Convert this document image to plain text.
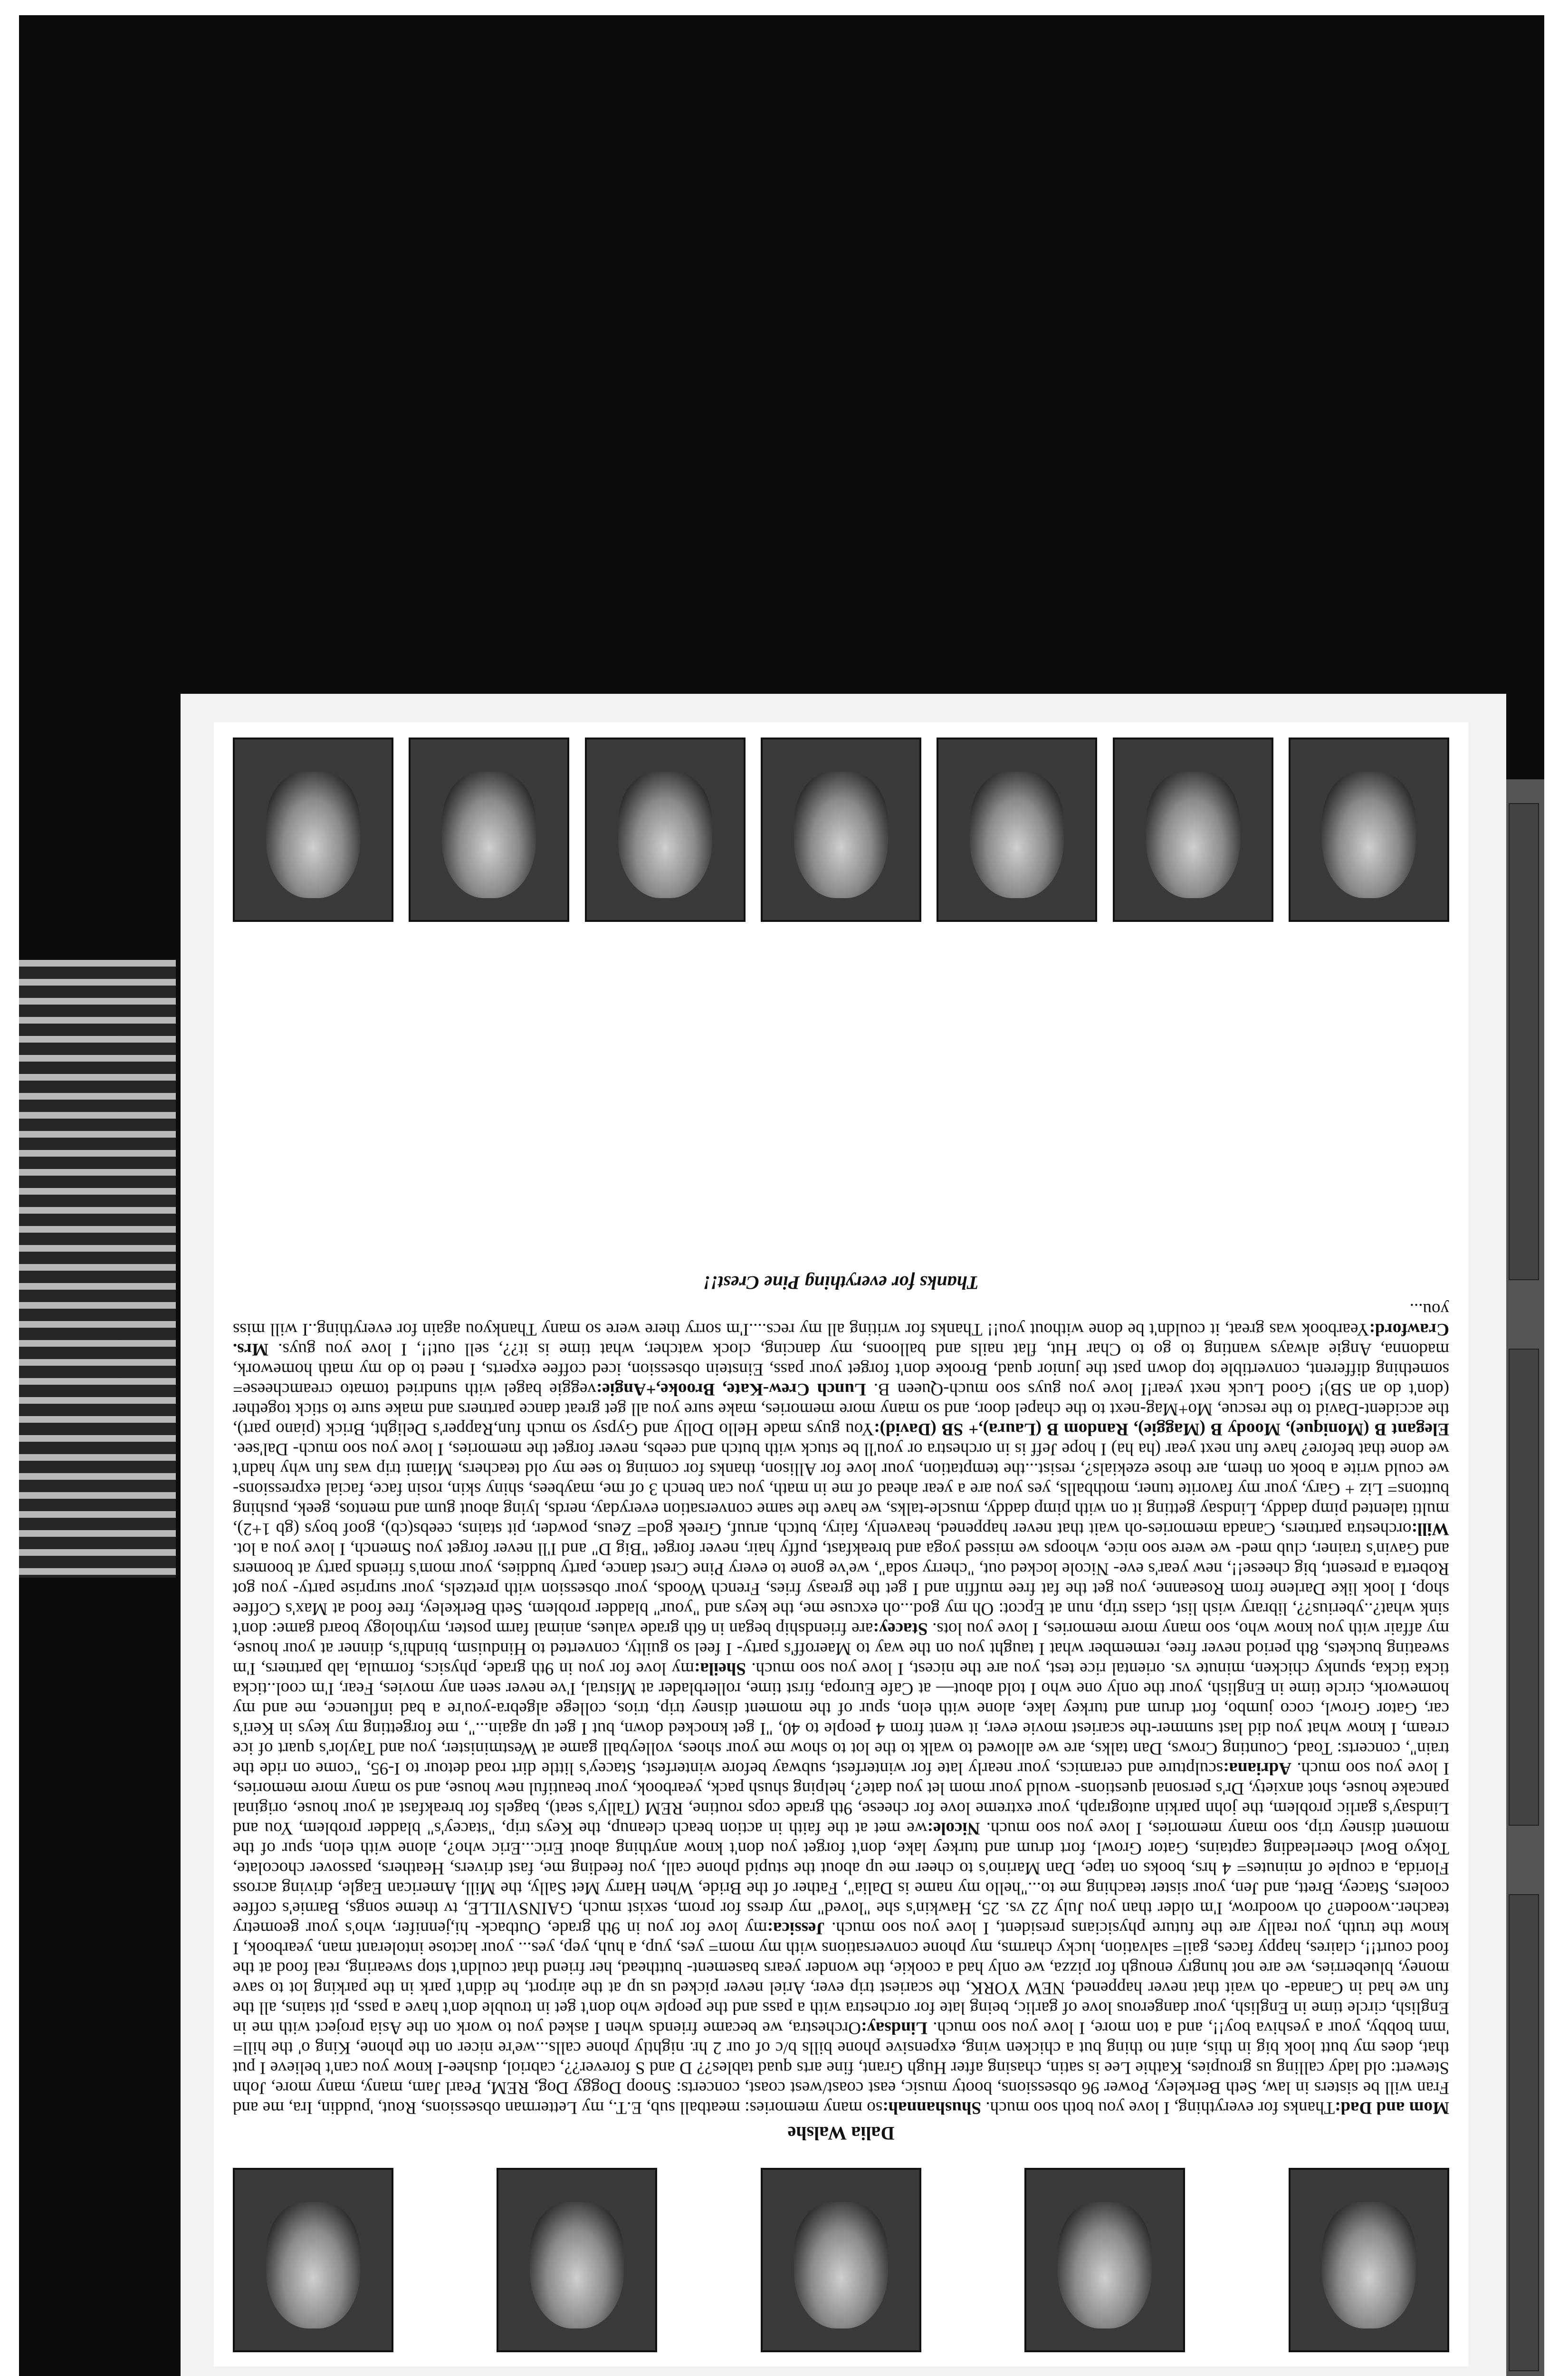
Dalia Walshe
Mom and Dad:Thanks for everything, I love you both soo much. Shushannah:so many memories: meatball sub, E.T., my Letterman obsessions, Rout, 'puddin, Ira, me and Fran will be sisters in law, Seth Berkeley, Power 96 obsessions, booty music, east coast/west coast, concerts: Snoop Doggy Dog, REM, Pearl Jam, many, many more, John Stewert: old lady calling us groupies, Kathie Lee is satin, chasing after Hugh Grant, fine arts quad tables?? D and S forever??, cabriol, dushee-I know you can't believe I put that, does my butt look big in this, aint no thing but a chicken wing, expensive phone bills b/c of our 2 hr. nightly phone calls...we're nicer on the phone, King o' the hill= 'mm bobby, your a yeshiva boy!!, and a ton more, I love you soo much. Lindsay:Orchestra, we became friends when I asked you to work on the Asia project with me in English, circle time in English, your dangerous love of garlic, being late for orchestra with a pass and the people who don't get in trouble don't have a pass, pit stains, all the fun we had in Canada- oh wait that never happened, NEW YORK, the scariest trip ever, Ariel never picked us up at the airport, he didn't park in the parking lot to save money, blueberries, we are not hungry enough for pizza, we only had a cookie, the wonder years basement- butthead, her friend that couldn't stop swearing, real food at the food court!!, claires, happy faces, gail= salvation, lucky charms, my phone conversations with my mom= yes, yup, a huh, yep, yes... your lactose intolerant man, yearbook, I know the truth, you really are the future physicians president, I love you soo much. Jessica:my love for you in 9th grade, Outback- hi,jennifer, who's your geometry teacher..wooden? oh woodrow, I'm older than you July 22 vs. 25, Hawkin's she "loved" my dress for prom, sexist much, GAINSVILLE, tv theme songs, Barnie's coffee coolers, Stacey, Brett, and Jen, your sister teaching me to..."hello my name is Dalia", Father of the Bride, When Harry Met Sally, the Mill, American Eagle, driving across Florida, a couple of minutes= 4 hrs, books on tape, Dan Marino's to cheer me up about the stupid phone call, you feeding me, fast drivers, Heathers, passover chocolate, Tokyo Bowl cheerleading captains, Gator Growl, fort drum and turkey lake, don't forget you don't know anything about Eric...Eric who?, alone with elon, spur of the moment disney trip, soo many memories, I love you soo much. Nicole:we met at the faith in action beach cleanup, the Keys trip, "stacey's" bladder problem, You and Lindsay's garlic problem, the john parkin autograph, your extreme love for cheese, 9th grade cops routine, REM (Tally's seat), bagels for breakfast at your house, original pancake house, shot anxiety, Dr's personal questions- would your mom let you date?, helping shush pack, yearbook, your beautiful new house, and so many more memories, I love you soo much. Adriana:sculpture and ceramics, your nearly late for winterfest, subway before winterfest, Stacey's little dirt road detour to I-95, "come on ride the train", concerts: Toad, Counting Crows, Dan talks, are we allowed to walk to the lot to show me your shoes, volleyball game at Westminister, you and Taylor's quart of ice cream, I know what you did last summer-the scariest movie ever, it went from 4 people to 40, "I get knocked down, but I get up again...", me forgetting my keys in Keri's car, Gator Growl, coco jumbo, fort drum and turkey lake, alone with elon, spur of the moment disney trip, trios, college algebra-you're a bad influence, me and my homework, circle time in English, your the only one who I told about— at Cafe Europa, first time, rollerblader at Mistral, I've never seen any movies, Fear, I'm cool..ticka ticka ticka, spunky chicken, minute vs. oriental rice test, you are the nicest, I love you soo much. Sheila:my love for you in 9th grade, physics, formula, lab partners, I'm sweating buckets, 8th period never free, remember what I taught you on the way to Maeroff's party- I feel so guilty, converted to Hinduism, bindhi's, dinner at your house, my affair with you know who, soo many more memories, I love you lots. Stacey:are friendship began in 6th grade values, animal farm poster, mythology board game: don't sink what?..yberius??, library wish list, class trip, nun at Epcot: Oh my god...oh excuse me, the keys and "your" bladder problem, Seth Berkeley, free food at Max's Coffee shop, I look like Darlene from Roseanne, you get the fat free muffin and I get the greasy fries, French Woods, your obsession with pretzels, your surprise party- you got Roberta a present, big cheese!!, new year's eve- Nicole locked out, "cherry soda", we've gone to every Pine Crest dance, party buddies, your mom's friends party at boomers and Gavin's trainer, club med- we were soo nice, whoops we missed yoga and breakfast, puffy hair, never forget "Big D" and I'll never forget you Smench, I love you a lot. Will:orchestra partners, Canada memories-oh wait that never happened, heavenly, fairy, butch, aruuf, Greek god= Zeus, powder, pit stains, ceebs(cb), goof boys (gb 1+2), multi talented pimp daddy, Lindsay getting it on with pimp daddy, muscle-talks, we have the same conversation everyday, nerds, lying about gum and mentos, geek, pushing buttons= Liz + Gary, your my favorite tuner, mothballs, yes you are a year ahead of me in math, you can bench 3 of me, maybees, shiny skin, rosin face, facial expressions- we could write a book on them, are those ezekials?, resist...the temptation, your love for Allison, thanks for coming to see my old teachers, Miami trip was fun why hadn't we done that before? have fun next year (ha ha) I hope Jeff is in orchestra or you'll be stuck with butch and ceebs, never forget the memories, I love you soo much- Dal'see. Elegant B (Monique), Moody B (Maggie), Random B (Laura),+ SB (David):You guys made Hello Dolly and Gypsy so much fun,Rapper's Delight, Brick (piano part), the accident-David to the rescue, Mo+Mag-next to the chapel door, and so many more memories, make sure you all get great dance partners and make sure to stick together (don't do an SB)! Good Luck next year!I love you guys soo much-Queen B. Lunch Crew-Kate, Brooke,+Angie:veggie bagel with sundried tomato creamcheese= something different, convertible top down past the junior quad, Brooke don't forget your pass, Einstein obsession, iced coffee experts, I need to do my math homework, madonna, Angie always wanting to go to Char Hut, flat nails and balloons, my dancing, clock watcher, what time is it??, sell out!!, I love you guys. Mrs. Crawford:Yearbook was great, it couldn't be done without you!! Thanks for writing all my recs....I'm sorry there were so many Thankyou again for everything..I will miss you...
Thanks for everything Pine Crest!!
